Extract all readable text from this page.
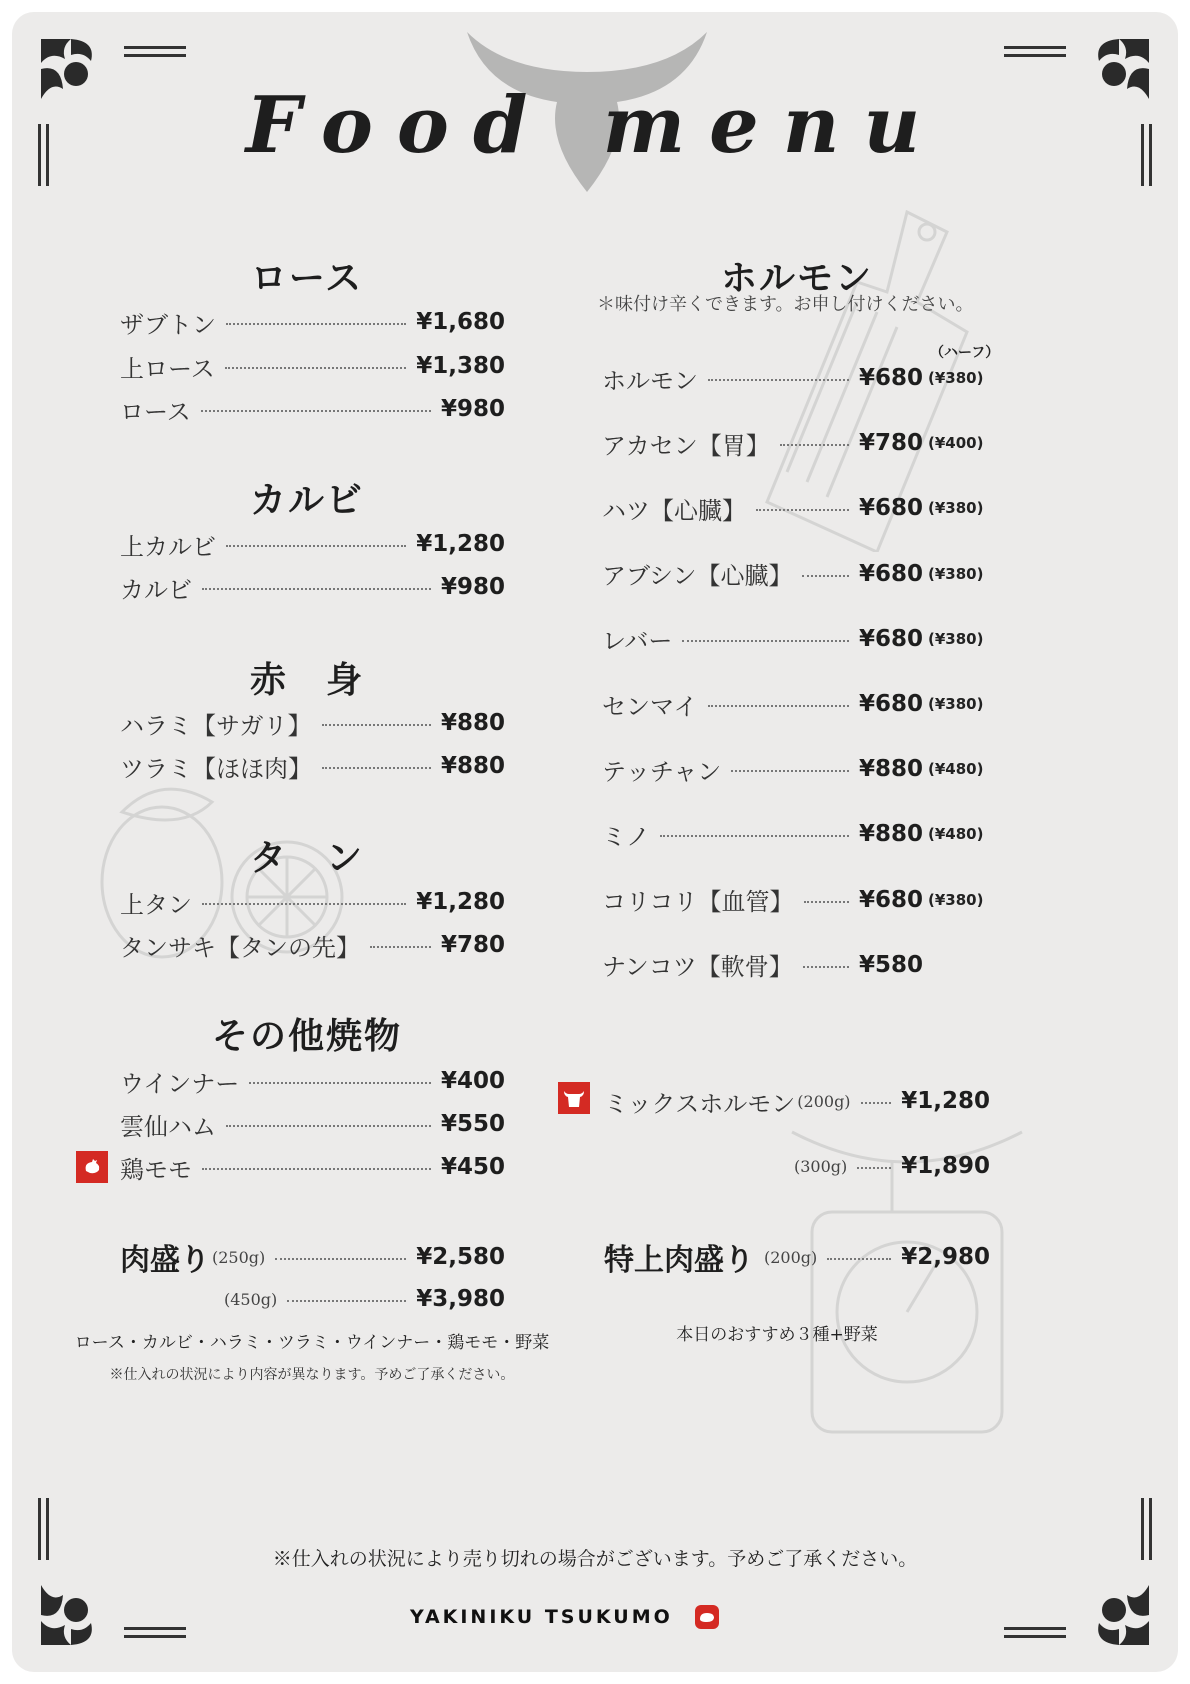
Food menu
ロース
ザブトン	¥1,680
上ロース	¥1,380
ロース	¥980
カルビ
上カルビ	¥1,280
カルビ	¥980
赤　身
ハラミ【サガリ】	¥880
ツラミ【ほほ肉】	¥880
タ　ン
上タン	¥1,280
タンサキ【タンの先】	¥780
その他焼物
ウインナー	¥400
雲仙ハム	¥550
鶏モモ	¥450
肉盛り (250g)	¥2,580
(450g)	¥3,980
ロース・カルビ・ハラミ・ツラミ・ウインナー・鶏モモ・野菜
※仕入れの状況により内容が異なります。予めご了承ください。
ホルモン
＊味付け辛くできます。お申し付けください。
（ハーフ）
ホルモン	¥680 (¥380)
アカセン【胃】	¥780 (¥400)
ハツ【心臓】	¥680 (¥380)
アブシン【心臓】	¥680 (¥380)
レバー	¥680 (¥380)
センマイ	¥680 (¥380)
テッチャン	¥880 (¥480)
ミノ	¥880 (¥480)
コリコリ【血管】	¥680 (¥380)
ナンコツ【軟骨】	¥580
ミックスホルモン (200g) ¥1,280
(300g) ¥1,890
特上肉盛り (200g)	¥2,980
本日のおすすめ３種+野菜
※仕入れの状況により売り切れの場合がございます。予めご了承ください。
YAKINIKU TSUKUMO
